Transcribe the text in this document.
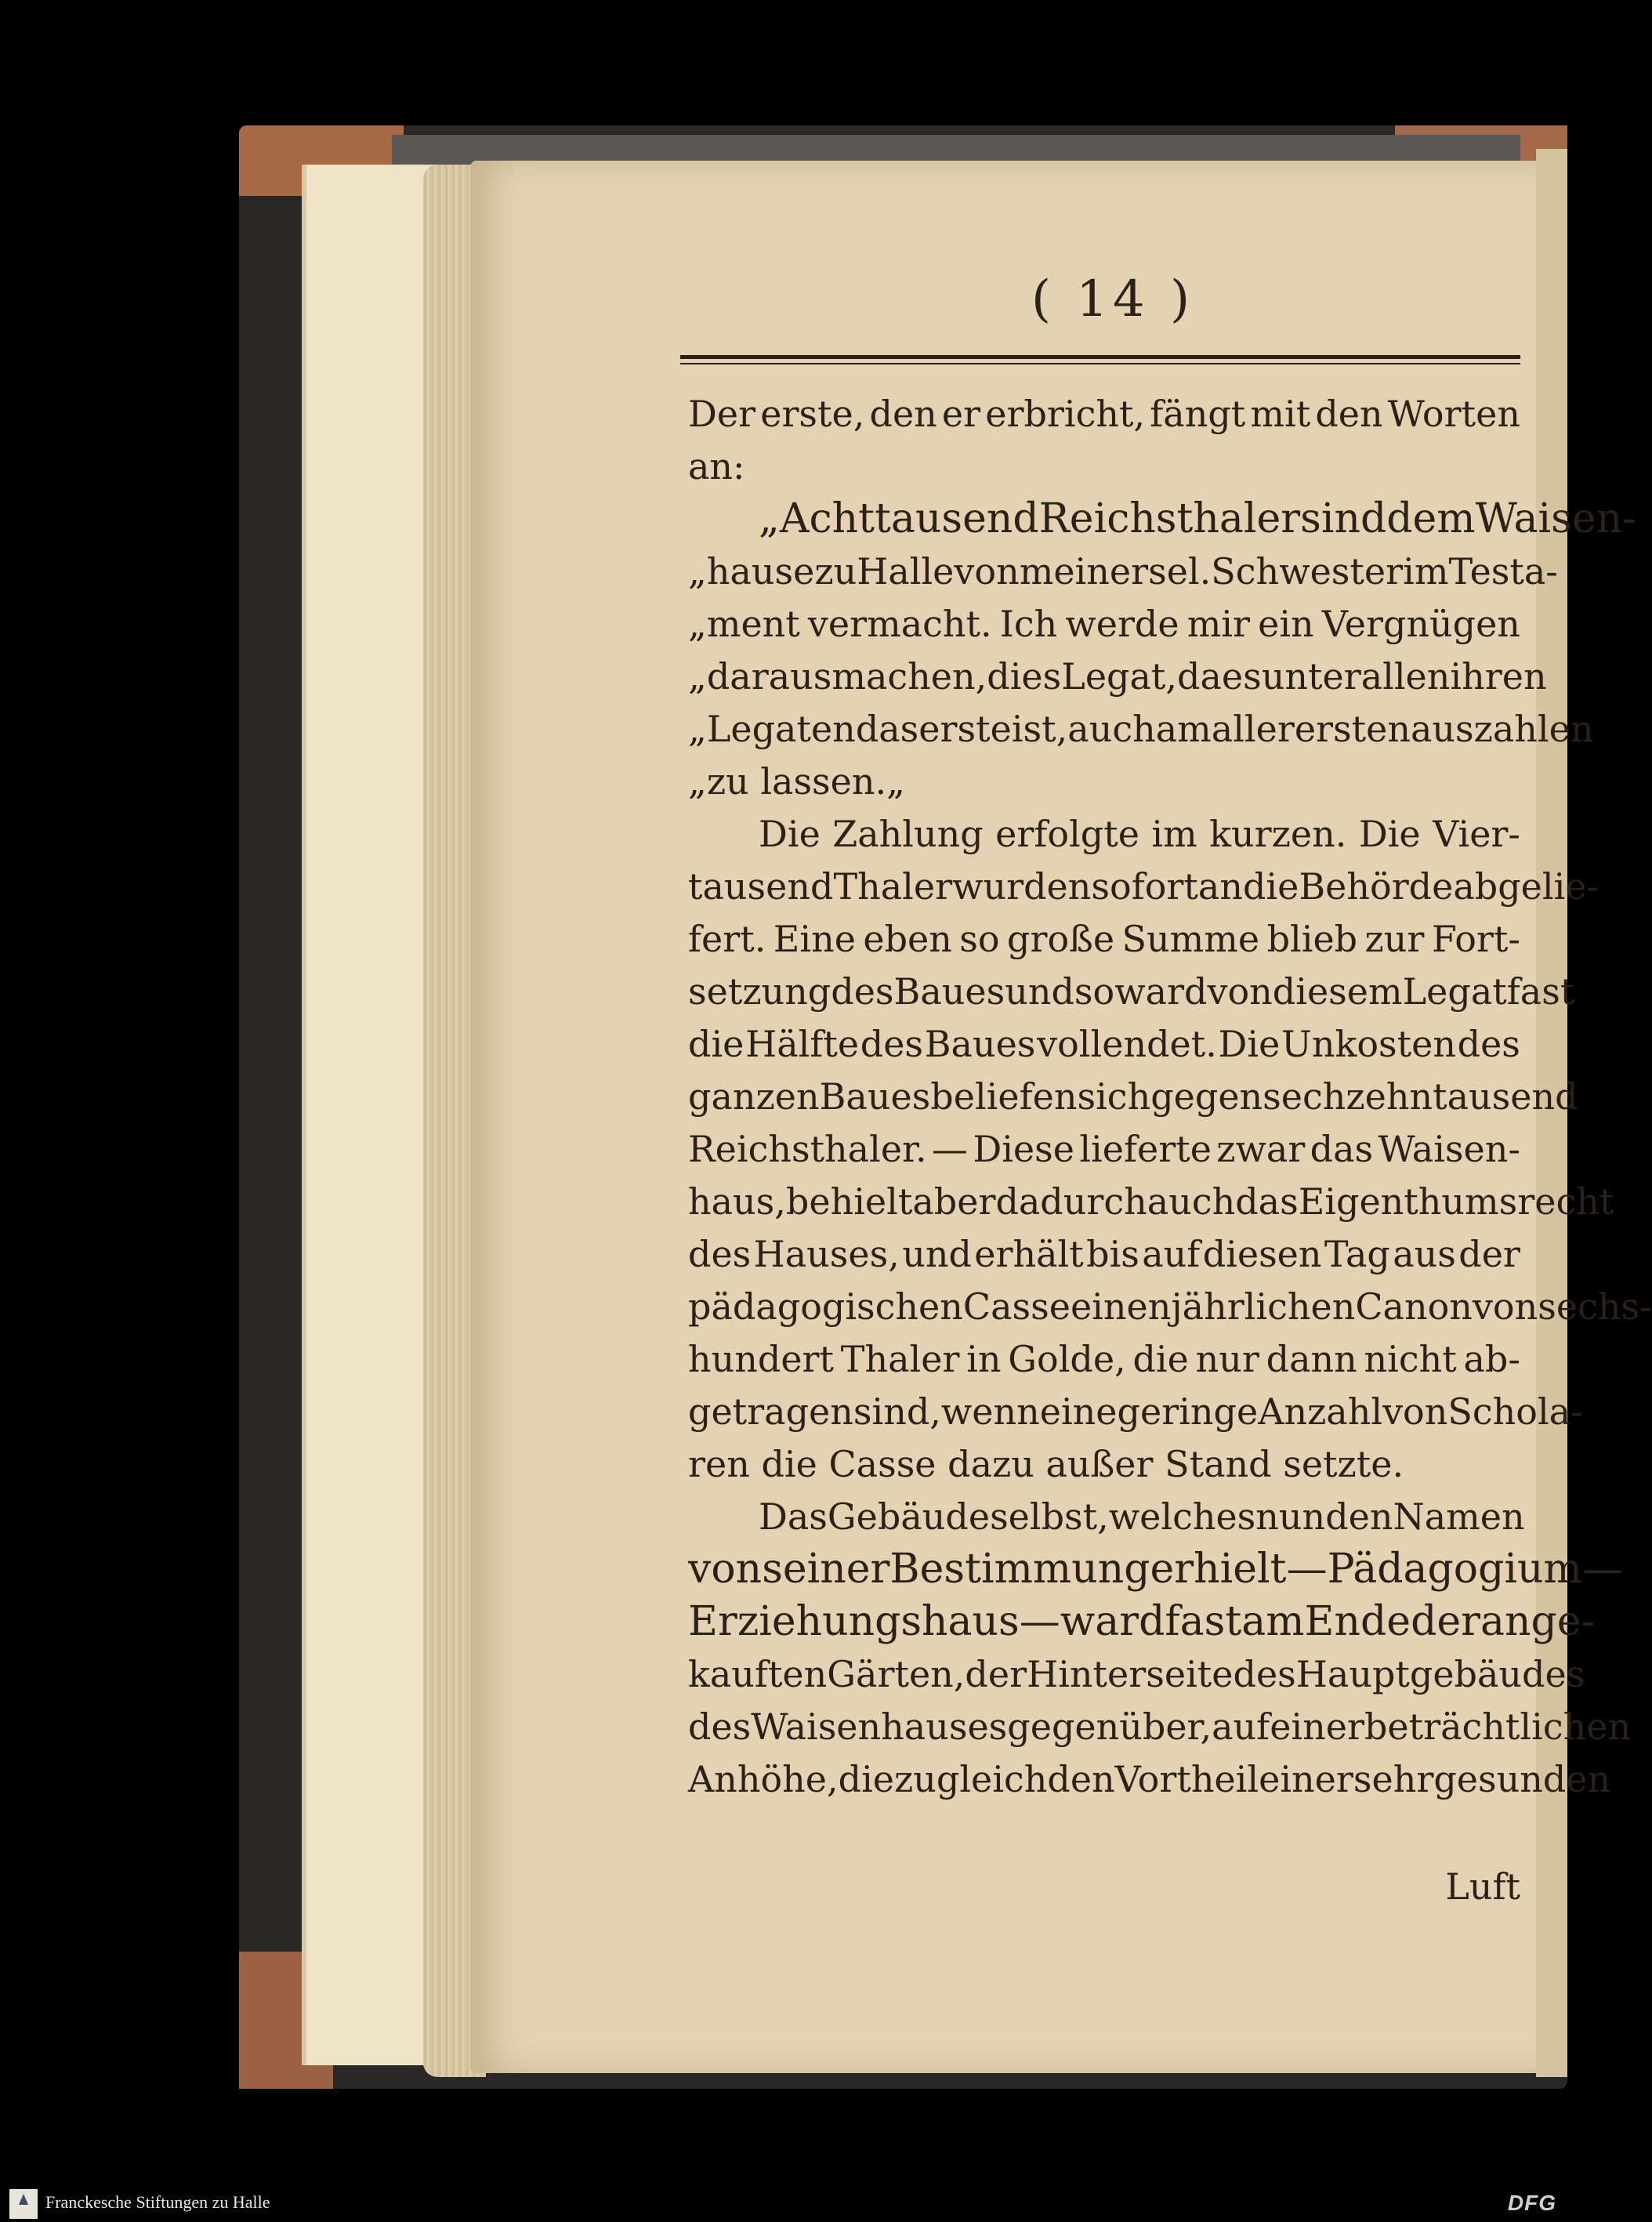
( 14 )
Der erste, den er erbricht, fängt mit den Worten
an:
„Acht tausend Reichsthaler sind dem Waisen-
„hause zu Halle von meiner sel. Schwester im Testa-
„ment vermacht. Ich werde mir ein Vergnügen
„daraus machen, dies Legat, da es unter allen ihren
„Legaten das erste ist, auch am allerersten auszahlen
„zu lassen.„
Die Zahlung erfolgte im kurzen. Die Vier-
tausend Thaler wurden sofort an die Behörde abgelie-
fert. Eine eben so große Summe blieb zur Fort-
setzung des Baues und so ward von diesem Legat fast
die Hälfte des Baues vollendet. Die Unkosten des
ganzen Baues beliefen sich gegen sechzehntausend
Reichsthaler. — Diese lieferte zwar das Waisen-
haus, behielt aber dadurch auch das Eigenthumsrecht
des Hauses, und erhält bis auf diesen Tag aus der
pädagogischen Casse einen jährlichen Canon von sechs-
hundert Thaler in Golde, die nur dann nicht ab-
getragen sind, wenn eine geringe Anzahl von Schola-
ren die Casse dazu außer Stand setzte.
Das Gebäude selbst, welches nun den Namen
von seiner Bestimmung erhielt — Pädagogium —
Erziehungshaus — ward fast am Ende der ange-
kauften Gärten, der Hinterseite des Hauptgebäudes
des Waisenhauses gegen über, auf einer beträchtlichen
Anhöhe, die zugleich den Vortheil einer sehr gesunden
Luft
Franckesche Stiftungen zu Halle	DFG
